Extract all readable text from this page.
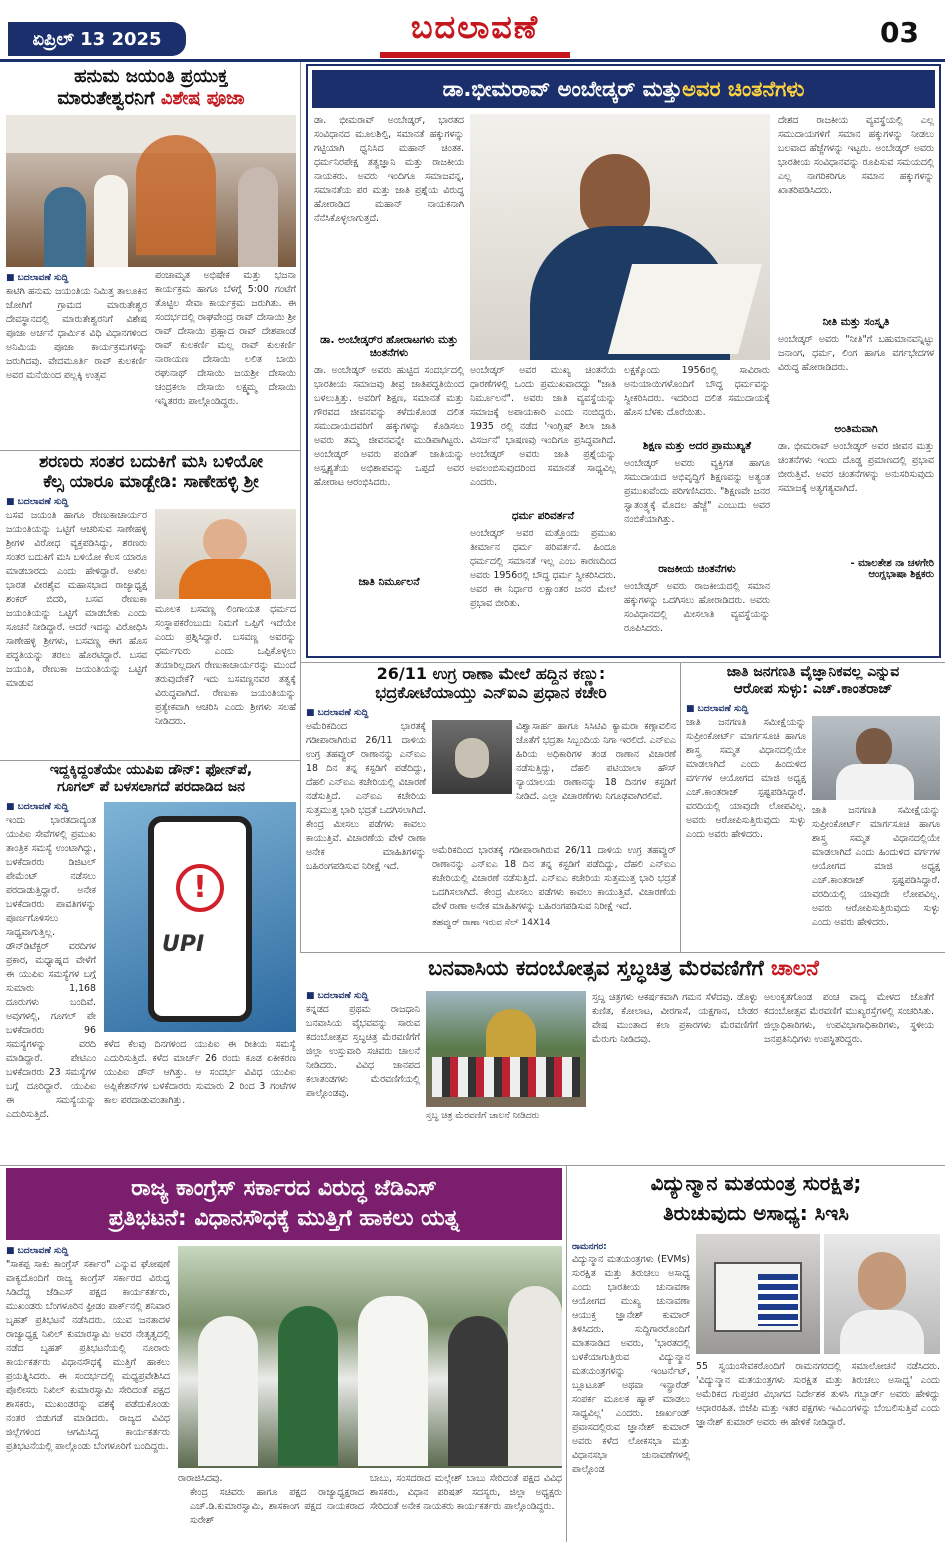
ಏಪ್ರಿಲ್ 13 2025	ಬದಲಾವಣೆ	03
ಹನುಮ ಜಯಂತಿ ಪ್ರಯುಕ್ತ
ಮಾರುತೇಶ್ವರನಿಗೆ ವಿಶೇಷ ಪೂಜಾ
■ ಬದಲಾವಣೆ ಸುದ್ದಿ
ಕಾಟಿಗಿ ಹನುಮ ಜಯಂತಿಯ ನಿಮಿತ್ತ ತಾಲೂಕಿನ ಜೋಗಿಗೆ ಗ್ರಾಮದ ಮಾರುತೇಶ್ವರ ದೇವಸ್ಥಾನದಲ್ಲಿ ಮಾರುತೇಶ್ವರನಿಗೆ ವಿಶೇಷ ಪೂಜಾ ಅರ್ಚನೆ ಧಾರ್ಮಿಕ ವಿಧಿ ವಿಧಾನಗಳಿಂದ ಅನಿಮಿಯ ಪೂಜಾ ಕಾರ್ಯಕ್ರಮಗಳನ್ನು ಜರುಗಿದವು. ವೇದಮೂರ್ತಿ ರಾವ್ ಕುಲಕರ್ಣಿ ಅವರ ಮನೆಯಿಂದ ಪಲ್ಲಕ್ಕಿ ಉತ್ಸವ
ಪಂಚಾಮೃತ ಅಭಿಷೇಕ ಮತ್ತು ಭಜನಾ ಕಾರ್ಯಕ್ರಮ ಹಾಗೂ ಬೆಳಗ್ಗೆ 5:00 ಗಂಟೆಗೆ ತೊಟ್ಟಿಲ ಸೇವಾ ಕಾರ್ಯಕ್ರಮ ಜರುಗಿತು. ಈ ಸಂದರ್ಭದಲ್ಲಿ ರಾಘವೇಂದ್ರ ರಾವ್ ದೇಸಾಯಿ ಶ್ರೀ ರಾವ್ ದೇಸಾಯಿ ಪ್ರಹ್ಲಾದ ರಾವ್ ದೇಶಪಾಂಡೆ ರಾವ್ ಕುಲಕರ್ಣಿ ಮಲ್ಲ ರಾವ್ ಕುಲಕರ್ಣಿ ನಾರಾಯಣ ದೇಸಾಯಿ ಲಲಿತ ಬಾಯಿ ರಘುನಾಥ್ ದೇಸಾಯಿ ಜಯಶ್ರೀ ದೇಸಾಯಿ ಚಂದ್ರಕಲಾ ದೇಸಾಯಿ ಲಕ್ಷ್ಮಮ್ಮ ದೇಸಾಯಿ ಇನ್ನಿತರರು ಪಾಲ್ಗೊಂಡಿದ್ದರು.
ಶರಣರು ಸಂತರ ಬದುಕಿಗೆ ಮಸಿ ಬಳಿಯೋ
ಕೆಲ್ಸ ಯಾರೂ ಮಾಡ್ಬೇಡಿ: ಸಾಣೇಹಳ್ಳಿ ಶ್ರೀ
■ ಬದಲಾವಣೆ ಸುದ್ದಿ
ಬಸವ ಜಯಂತಿ ಹಾಗೂ ರೇಣುಕಾಚಾರ್ಯರ ಜಯಂತಿಯನ್ನು ಒಟ್ಟಿಗೆ ಆಚರಿಸುವ ಸಾಣೇಹಳ್ಳಿ ಶ್ರೀಗಳ ವಿರೋಧ ವ್ಯಕ್ತಪಡಿಸಿದ್ದು, ಶರಣರು ಸಂತರ ಬದುಕಿಗೆ ಮಸಿ ಬಳಿಯೋ ಕೆಲಸ ಯಾರೂ ಮಾಡಬಾರದು ಎಂದು ಹೇಳಿದ್ದಾರೆ. ಅಖಿಲ ಭಾರತ ವೀರಶೈವ ಮಹಾಸಭಾದ ರಾಜ್ಯಾಧ್ಯಕ್ಷ ಶಂಕರ್ ಬಿದರಿ, ಬಸವ ರೇಣುಕಾ ಜಯಂತಿಯನ್ನು ಒಟ್ಟಿಗೆ ಮಾಡಬೇಕು ಎಂದು ಸೂಚನೆ ನೀಡಿದ್ದಾರೆ. ಆದರೆ ಇದನ್ನು ವಿರೋಧಿಸಿ ಸಾಣೇಹಳ್ಳಿ ಶ್ರೀಗಳು, ಬಸವಣ್ಣ ಈಗ ಹೊಸ ಪದ್ಧತಿಯನ್ನು ತರಲು ಹೊರಟಿದ್ದಾರೆ. ಬಸವ ಜಯಂತಿ, ರೇಣುಕಾ ಜಯಂತಿಯನ್ನು ಒಟ್ಟಿಗೆ ಮಾಡುವ
ಮೂಲಕ ಬಸವಣ್ಣ ಲಿಂಗಾಯತ ಧರ್ಮದ ಸಂಸ್ಥಾಪಕರೆಂಬುದು ನಿಮಗೆ ಒಪ್ಪಿಗೆ ಇದೆಯೇ ಎಂದು ಪ್ರಶ್ನಿಸಿದ್ದಾರೆ. ಬಸವಣ್ಣ ಅವರನ್ನು ಧರ್ಮಗುರು ಎಂದು ಒಪ್ಪಿಕೊಳ್ಳಲು ತಯಾರಿಲ್ಲದಾಗ ರೇಣುಕಾಚಾರ್ಯರನ್ನು ಮುಂದೆ ತರುವುದೇಕೆ? ಇದು ಬಸವಣ್ಣನವರ ತತ್ವಕ್ಕೆ ವಿರುದ್ಧವಾಗಿದೆ. ರೇಣುಕಾ ಜಯಂತಿಯನ್ನು ಪ್ರತ್ಯೇಕವಾಗಿ ಆಚರಿಸಿ ಎಂದು ಶ್ರೀಗಳು ಸಲಹೆ ನೀಡಿದರು.
ಇದ್ದಕ್ಕಿದ್ದಂತೆಯೇ ಯುಪಿಐ ಡೌನ್: ಫೋನ್‌ಪೆ,
ಗೂಗಲ್ ಪೆ ಬಳಸಲಾಗದೆ ಪರದಾಡಿದ ಜನ
■ ಬದಲಾವಣೆ ಸುದ್ದಿ
ಇಂದು ಭಾರತದಾದ್ಯಂತ ಯುಪಿಐ ಸೇವೆಗಳಲ್ಲಿ ಪ್ರಮುಖ ತಾಂತ್ರಿಕ ಸಮಸ್ಯೆ ಉಂಟಾಗಿದ್ದು, ಬಳಕೆದಾರರು ಡಿಜಿಟಲ್ ಪೇಮೆಂಟ್ ನಡೆಸಲು ಪರದಾಡುತ್ತಿದ್ದಾರೆ. ಅನೇಕ ಬಳಕೆದಾರರು ಪಾವತಿಗಳನ್ನು ಪೂರ್ಣಗೊಳಿಸಲು ಸಾಧ್ಯವಾಗುತ್ತಿಲ್ಲ. ಡೌನ್‌ಡಿಟೆಕ್ಟರ್ ವರದಿಗಳ ಪ್ರಕಾರ, ಮಧ್ಯಾಹ್ನದ ವೇಳೆಗೆ ಈ ಯುಪಿಐ ಸಮಸ್ಯೆಗಳ ಬಗ್ಗೆ ಸುಮಾರು 1,168 ದೂರುಗಳು ಬಂದಿವೆ. ಅವುಗಳಲ್ಲಿ, ಗೂಗಲ್ ಪೇ ಬಳಕೆದಾರರು 96 ಸಮಸ್ಯೆಗಳನ್ನು ವರದಿ ಮಾಡಿದ್ದಾರೆ. ಪೇಟಿಎಂ ಬಳಕೆದಾರರು 23 ಸಮಸ್ಯೆಗಳ ಬಗ್ಗೆ ದೂರಿದ್ದಾರೆ. ಯುಪಿಐ ಈ ಸಮಸ್ಯೆಯನ್ನು ಎದುರಿಸುತ್ತಿದೆ.
!
UPI
ಕಳೆದ ಕೆಲವು ದಿನಗಳಿಂದ ಯುಪಿಐ ಈ ರೀತಿಯ ಸಮಸ್ಯೆ ಎದುರಿಸುತ್ತಿದೆ. ಕಳೆದ ಮಾರ್ಚ್ 26 ರಂದು ಕೂಡ ಏಕೀಕರಣ ಯುಪಿಐ ಡೌನ್ ಆಗಿತ್ತು. ಆ ಸಂದರ್ಭ ವಿವಿಧ ಯುಪಿಐ ಅಪ್ಲಿಕೇಶನ್‌ಗಳ ಬಳಕೆದಾರರು ಸುಮಾರು 2 ರಿಂದ 3 ಗಂಟೆಗಳ ಕಾಲ ಪರದಾಡುವಂತಾಗಿತ್ತು.
ಡಾ.ಭೀಮರಾವ್ ಅಂಬೇಡ್ಕರ್ ಮತ್ತು ಅವರ ಚಿಂತನೆಗಳು
ಡಾ. ಭೀಮರಾವ್ ಅಂಬೇಡ್ಕರ್, ಭಾರತದ ಸಂವಿಧಾನದ ಮೂಲಶಿಲ್ಪಿ, ಸಮಾನತೆ ಹಕ್ಕುಗಳನ್ನು ಗಟ್ಟಿಯಾಗಿ ಧ್ವನಿಸಿದ ಮಹಾನ್ ಚಿಂತಕ. ಧರ್ಮನಿರಪೇಕ್ಷ ತತ್ವಜ್ಞಾನಿ ಮತ್ತು ರಾಜಕೀಯ ನಾಯಕರು. ಅವರು ಇಂದಿಗೂ ಸಮಾಜವನ್ನ, ಸಮಾನತೆಯ ಪರ ಮತ್ತು ಜಾತಿ ಪ್ರಶ್ನೆಯ ವಿರುದ್ಧ ಹೋರಾಡಿದ ಮಹಾನ್ ನಾಯಕನಾಗಿ ನೆನೆಸಿಕೊಳ್ಳಲಾಗುತ್ತದೆ.
ಡಾ. ಅಂಬೇಡ್ಕರ್‌ರ ಹೋರಾಟಗಳು ಮತ್ತು ಚಿಂತನೆಗಳು
ಡಾ. ಅಂಬೇಡ್ಕರ್ ಅವರು ಹುಟ್ಟಿದ ಸಂದರ್ಭದಲ್ಲಿ ಭಾರತೀಯ ಸಮಾಜವು ತೀವ್ರ ಜಾತಿಪದ್ಧತಿಯಿಂದ ಬಳಲುತ್ತಿತ್ತು. ಅವರಿಗೆ ಶಿಕ್ಷಣ, ಸಮಾನತೆ ಮತ್ತು ಗೌರವದ ಜೀವನವನ್ನು ಕಳೆದುಕೊಂಡ ದಲಿತ ಸಮುದಾಯದವರಿಗೆ ಹಕ್ಕುಗಳನ್ನು ಕೊಡಿಸಲು ಅವರು ತಮ್ಮ ಜೀವನವನ್ನೇ ಮುಡಿಪಾಗಿಟ್ಟರು. ಅಂಬೇಡ್ಕರ್ ಅವರು ಪಂಡಿತ್ ಜಾತಿಯನ್ನು ಅಸ್ಪೃಶ್ಯತೆಯ ಅಭಿಶಾಪವನ್ನು ಒಪ್ಪದೆ ಅವರ ಹೋರಾಟ ಆರಂಭಿಸಿದರು.
ಜಾತಿ ನಿರ್ಮೂಲನೆ
ಅಂಬೇಡ್ಕರ್ ಅವರ ಮುಖ್ಯ ಚಿಂತನೆಯ ಧಾರಣೆಗಳಲ್ಲಿ ಒಂದು ಪ್ರಮುಖವಾದದ್ದು "ಜಾತಿ ನಿರ್ಮೂಲನೆ". ಅವರು ಜಾತಿ ವ್ಯವಸ್ಥೆಯನ್ನು ಸಮಾಜಕ್ಕೆ ಅಪಾಯಕಾರಿ ಎಂದು ನಂಬಿದ್ದರು. 1935 ರಲ್ಲಿ ನಡೆದ 'ಇಂಗ್ಲಿಷ್ ಶಿಲಾ ಜಾತಿ ವಿಸರ್ಜನೆ' ಭಾಷಣವು ಇಂದಿಗೂ ಪ್ರಸಿದ್ಧವಾಗಿದೆ. ಅಂಬೇಡ್ಕರ್ ಅವರು ಜಾತಿ ಪ್ರಶ್ನೆಯನ್ನು ಅವಲಂಬಿಸುವುದರಿಂದ ಸಮಾನತೆ ಸಾಧ್ಯವಿಲ್ಲ ಎಂದರು.
ಧರ್ಮ ಪರಿವರ್ತನೆ
ಅಂಬೇಡ್ಕರ್ ಅವರ ಮತ್ತೊಂದು ಪ್ರಮುಖ ತೀರ್ಮಾನ ಧರ್ಮ ಪರಿವರ್ತನೆ. ಹಿಂದೂ ಧರ್ಮದಲ್ಲಿ ಸಮಾನತೆ ಇಲ್ಲ ಎಂಬ ಕಾರಣದಿಂದ ಅವರು 1956ರಲ್ಲಿ ಬೌದ್ಧ ಧರ್ಮ ಸ್ವೀಕರಿಸಿದರು. ಅವರ ಈ ನಿರ್ಧಾರ ಲಕ್ಷಾಂತರ ಜನರ ಮೇಲೆ ಪ್ರಭಾವ ಬೀರಿತು.
ಲಕ್ಷಕ್ಕೊಂದು 1956ರಲ್ಲಿ ಸಾವಿರಾರು ಅನುಯಾಯಿಗಳೊಂದಿಗೆ ಬೌದ್ಧ ಧರ್ಮವನ್ನು ಸ್ವೀಕರಿಸಿದರು. ಇದರಿಂದ ದಲಿತ ಸಮುದಾಯಕ್ಕೆ ಹೊಸ ಬೆಳಕು ದೊರೆಯಿತು.
ಶಿಕ್ಷಣ ಮತ್ತು ಅದರ ಪ್ರಾಮುಖ್ಯತೆ
ಅಂಬೇಡ್ಕರ್ ಅವರು ವ್ಯಕ್ತಿಗತ ಹಾಗೂ ಸಮುದಾಯದ ಅಭಿವೃದ್ಧಿಗೆ ಶಿಕ್ಷಣವನ್ನು ಅತ್ಯಂತ ಪ್ರಮುಖವೆಂದು ಪರಿಗಣಿಸಿದರು. "ಶಿಕ್ಷಣವೇ ಜನರ ಸ್ವಾತಂತ್ರ್ಯಕ್ಕೆ ಮೊದಲ ಹೆಜ್ಜೆ" ಎಂಬುದು ಅವರ ನಂಬಿಕೆಯಾಗಿತ್ತು.
ರಾಜಕೀಯ ಚಿಂತನೆಗಳು
ಅಂಬೇಡ್ಕರ್ ಅವರು ರಾಜಕೀಯದಲ್ಲಿ ಸಮಾನ ಹಕ್ಕುಗಳನ್ನು ಒದಗಿಸಲು ಹೋರಾಡಿದರು. ಅವರು ಸಂವಿಧಾನದಲ್ಲಿ ಮೀಸಲಾತಿ ವ್ಯವಸ್ಥೆಯನ್ನು ರೂಪಿಸಿದರು.
ದೇಶದ ರಾಜಕೀಯ ವ್ಯವಸ್ಥೆಯಲ್ಲಿ ಎಲ್ಲ ಸಮುದಾಯಗಳಿಗೆ ಸಮಾನ ಹಕ್ಕುಗಳನ್ನು ನೀಡಲು ಬಲವಾದ ಹೆಜ್ಜೆಗಳನ್ನು ಇಟ್ಟರು. ಅಂಬೇಡ್ಕರ್ ಅವರು ಭಾರತೀಯ ಸಂವಿಧಾನವನ್ನು ರೂಪಿಸುವ ಸಮಯದಲ್ಲಿ ಎಲ್ಲ ನಾಗರಿಕರಿಗೂ ಸಮಾನ ಹಕ್ಕುಗಳನ್ನು ಖಾತರಿಪಡಿಸಿದರು.
ನೀತಿ ಮತ್ತು ಸಂಸ್ಕೃತಿ
ಅಂಬೇಡ್ಕರ್ ಅವರು "ನೀತಿ"ಗೆ ಬಹುಮಾನವನ್ನಿಟ್ಟು ಜನಾಂಗ, ಧರ್ಮ, ಲಿಂಗ ಹಾಗೂ ವರ್ಗಭೇದಗಳ ವಿರುದ್ಧ ಹೋರಾಡಿದರು.
ಅಂತಿಮವಾಗಿ
ಡಾ. ಭೀಮರಾವ್ ಅಂಬೇಡ್ಕರ್ ಅವರ ಜೀವನ ಮತ್ತು ಚಿಂತನೆಗಳು ಇಂದು ದೊಡ್ಡ ಪ್ರಮಾಣದಲ್ಲಿ ಪ್ರಭಾವ ಬೀರುತ್ತಿವೆ. ಅವರ ಚಿಂತನೆಗಳನ್ನು ಅನುಸರಿಸುವುದು ಸಮಾಜಕ್ಕೆ ಅತ್ಯಗತ್ಯವಾಗಿದೆ.
- ಮಾಲತೇಶ ನಾ ಚಳಗೇರಿ
ಆಂಗ್ಲಭಾಷಾ ಶಿಕ್ಷಕರು
26/11 ಉಗ್ರ ರಾಣಾ ಮೇಲೆ ಹದ್ದಿನ ಕಣ್ಣು:
ಭದ್ರಕೋಟೆಯಾಯ್ತು ಎನ್‌ಐಎ ಪ್ರಧಾನ ಕಚೇರಿ
■ ಬದಲಾವಣೆ ಸುದ್ದಿ
ಅಮೆರಿಕದಿಂದ ಭಾರತಕ್ಕೆ ಗಡೀಪಾರಾಗಿರುವ 26/11 ದಾಳಿಯ ಉಗ್ರ ತಹವ್ವುರ್ ರಾಣಾನನ್ನು ಎನ್‌ಐಎ 18 ದಿನ ತನ್ನ ಕಸ್ಟಡಿಗೆ ಪಡೆದಿದ್ದು, ದೆಹಲಿ ಎನ್‌ಐಎ ಕಚೇರಿಯಲ್ಲಿ ವಿಚಾರಣೆ ನಡೆಸುತ್ತಿದೆ. ಎನ್‌ಐಎ ಕಚೇರಿಯ ಸುತ್ತಮುತ್ತ ಭಾರಿ ಭದ್ರತೆ ಒದಗಿಸಲಾಗಿದೆ. ಕೇಂದ್ರ ಮೀಸಲು ಪಡೆಗಳು ಕಾವಲು ಕಾಯುತ್ತಿವೆ. ವಿಚಾರಣೆಯ ವೇಳೆ ರಾಣಾ ಅನೇಕ ಮಾಹಿತಿಗಳನ್ನು ಬಹಿರಂಗಪಡಿಸುವ ನಿರೀಕ್ಷೆ ಇದೆ.
ವಿಶ್ವಾಸಾರ್ಹ ಹಾಗೂ ಸಿಸಿಟಿವಿ ಕ್ಯಾಮರಾ ಕಣ್ಗಾವಲಿನ ಜೊತೆಗೆ ಭದ್ರತಾ ಸಿಬ್ಬಂದಿಯ ನಿಗಾ ಇರಲಿದೆ. ಎನ್‌ಐಎ ಹಿರಿಯ ಅಧಿಕಾರಿಗಳ ತಂಡ ರಾಣಾನ ವಿಚಾರಣೆ ನಡೆಸುತ್ತಿದ್ದು, ದೆಹಲಿ ಪಟಿಯಾಲಾ ಹೌಸ್ ನ್ಯಾಯಾಲಯ ರಾಣಾನನ್ನು 18 ದಿನಗಳ ಕಸ್ಟಡಿಗೆ ನೀಡಿದೆ. ಎಲ್ಲಾ ವಿಚಾರಣೆಗಳು ನಿಗೂಢವಾಗಿರಲಿವೆ.
ಅಮೆರಿಕದಿಂದ ಭಾರತಕ್ಕೆ ಗಡೀಪಾರಾಗಿರುವ 26/11 ದಾಳಿಯ ಉಗ್ರ ತಹವ್ವುರ್ ರಾಣಾನನ್ನು ಎನ್‌ಐಎ 18 ದಿನ ತನ್ನ ಕಸ್ಟಡಿಗೆ ಪಡೆದಿದ್ದು, ದೆಹಲಿ ಎನ್‌ಐಎ ಕಚೇರಿಯಲ್ಲಿ ವಿಚಾರಣೆ ನಡೆಸುತ್ತಿದೆ. ಎನ್‌ಐಎ ಕಚೇರಿಯ ಸುತ್ತಮುತ್ತ ಭಾರಿ ಭದ್ರತೆ ಒದಗಿಸಲಾಗಿದೆ. ಕೇಂದ್ರ ಮೀಸಲು ಪಡೆಗಳು ಕಾವಲು ಕಾಯುತ್ತಿವೆ. ವಿಚಾರಣೆಯ ವೇಳೆ ರಾಣಾ ಅನೇಕ ಮಾಹಿತಿಗಳನ್ನು ಬಹಿರಂಗಪಡಿಸುವ ನಿರೀಕ್ಷೆ ಇದೆ.
ತಹವ್ವುರ್ ರಾಣಾ ಇರುವ ಸೆಲ್ 14X14
ಜಾತಿ ಜನಗಣತಿ ವೈಜ್ಞಾನಿಕವಲ್ಲ ಎನ್ನುವ
ಆರೋಪ ಸುಳ್ಳು: ಎಚ್.ಕಾಂತರಾಜ್
■ ಬದಲಾವಣೆ ಸುದ್ದಿ
ಜಾತಿ ಜನಗಣತಿ ಸಮೀಕ್ಷೆಯನ್ನು ಸುಪ್ರೀಂಕೋರ್ಟ್ ಮಾರ್ಗಸೂಚಿ ಹಾಗೂ ಶಾಸ್ತ್ರ ಸಮ್ಮತ ವಿಧಾನದಲ್ಲಿಯೇ ಮಾಡಲಾಗಿದೆ ಎಂದು ಹಿಂದುಳಿದ ವರ್ಗಗಳ ಆಯೋಗದ ಮಾಜಿ ಅಧ್ಯಕ್ಷ ಎಚ್.ಕಾಂತರಾಜ್ ಸ್ಪಷ್ಟಪಡಿಸಿದ್ದಾರೆ. ವರದಿಯಲ್ಲಿ ಯಾವುದೇ ಲೋಪವಿಲ್ಲ. ಅವರು ಆರೋಪಿಸುತ್ತಿರುವುದು ಸುಳ್ಳು ಎಂದು ಅವರು ಹೇಳಿದರು.
ಜಾತಿ ಜನಗಣತಿ ಸಮೀಕ್ಷೆಯನ್ನು ಸುಪ್ರೀಂಕೋರ್ಟ್ ಮಾರ್ಗಸೂಚಿ ಹಾಗೂ ಶಾಸ್ತ್ರ ಸಮ್ಮತ ವಿಧಾನದಲ್ಲಿಯೇ ಮಾಡಲಾಗಿದೆ ಎಂದು ಹಿಂದುಳಿದ ವರ್ಗಗಳ ಆಯೋಗದ ಮಾಜಿ ಅಧ್ಯಕ್ಷ ಎಚ್.ಕಾಂತರಾಜ್ ಸ್ಪಷ್ಟಪಡಿಸಿದ್ದಾರೆ. ವರದಿಯಲ್ಲಿ ಯಾವುದೇ ಲೋಪವಿಲ್ಲ. ಅವರು ಆರೋಪಿಸುತ್ತಿರುವುದು ಸುಳ್ಳು ಎಂದು ಅವರು ಹೇಳಿದರು.
ಬನವಾಸಿಯ ಕದಂಬೋತ್ಸವ ಸ್ತಬ್ಧಚಿತ್ರ ಮೆರವಣಿಗೆಗೆ ಚಾಲನೆ
■ ಬದಲಾವಣೆ ಸುದ್ದಿ
ಕನ್ನಡದ ಪ್ರಥಮ ರಾಜಧಾನಿ ಬನವಾಸಿಯ ವೈಭವವನ್ನು ಸಾರುವ ಕದಂಬೋತ್ಸವ ಸ್ತಬ್ಧಚಿತ್ರ ಮೆರವಣಿಗೆಗೆ ಜಿಲ್ಲಾ ಉಸ್ತುವಾರಿ ಸಚಿವರು ಚಾಲನೆ ನೀಡಿದರು. ವಿವಿಧ ಜಾನಪದ ಕಲಾತಂಡಗಳು ಮೆರವಣಿಗೆಯಲ್ಲಿ ಪಾಲ್ಗೊಂಡವು.
ಸ್ತಬ್ಧ ಚಿತ್ರ ಮೆರವಣಿಗೆ ಚಾಲನೆ ನೀಡಿದರು
ಸ್ತಬ್ಧ ಚಿತ್ರಗಳು ಆಕರ್ಷಕವಾಗಿ ಗಮನ ಸೆಳೆದವು. ಡೊಳ್ಳು ಕುಣಿತ, ಕೋಲಾಟ, ವೀರಗಾಸೆ, ಯಕ್ಷಗಾನ, ಬೇಡರ ವೇಷ ಮುಂತಾದ ಕಲಾ ಪ್ರಕಾರಗಳು ಮೆರವಣಿಗೆಗೆ ಮೆರುಗು ನೀಡಿದವು.
ಅಲಂಕೃತಗೊಂಡ ಪಂಚ ವಾದ್ಯ ಮೇಳದ ಜೊತೆಗೆ ಕದಂಬೋತ್ಸವ ಮೆರವಣಿಗೆ ಮುಖ್ಯರಸ್ತೆಗಳಲ್ಲಿ ಸಂಚರಿಸಿತು. ಜಿಲ್ಲಾಧಿಕಾರಿಗಳು, ಉಪವಿಭಾಗಾಧಿಕಾರಿಗಳು, ಸ್ಥಳೀಯ ಜನಪ್ರತಿನಿಧಿಗಳು ಉಪಸ್ಥಿತರಿದ್ದರು.
ರಾಜ್ಯ ಕಾಂಗ್ರೆಸ್ ಸರ್ಕಾರದ ವಿರುದ್ಧ ಜೆಡಿಎಸ್
ಪ್ರತಿಭಟನೆ: ವಿಧಾನಸೌಧಕ್ಕೆ ಮುತ್ತಿಗೆ ಹಾಕಲು ಯತ್ನ
■ ಬದಲಾವಣೆ ಸುದ್ದಿ
"ಸಾಕಪ್ಪ ಸಾಕು ಕಾಂಗ್ರೆಸ್ ಸರ್ಕಾರ" ಎನ್ನುವ ಘೋಷಣೆ ವಾಕ್ಯದೊಂದಿಗೆ ರಾಜ್ಯ ಕಾಂಗ್ರೆಸ್ ಸರ್ಕಾರದ ವಿರುದ್ಧ ಸಿಡಿದೆದ್ದ ಜೆಡಿಎಸ್ ಪಕ್ಷದ ಕಾರ್ಯಕರ್ತರು, ಮುಖಂಡರು ಬೆಂಗಳೂರಿನ ಫ್ರೀಡಂ ಪಾರ್ಕ್‌ನಲ್ಲಿ ಶನಿವಾರ ಬೃಹತ್ ಪ್ರತಿಭಟನೆ ನಡೆಸಿದರು. ಯುವ ಜನತಾದಳ ರಾಜ್ಯಾಧ್ಯಕ್ಷ ನಿಖಿಲ್ ಕುಮಾರಸ್ವಾಮಿ ಅವರ ನೇತೃತ್ವದಲ್ಲಿ ನಡೆದ ಬೃಹತ್ ಪ್ರತಿಭಟನೆಯಲ್ಲಿ ನೂರಾರು ಕಾರ್ಯಕರ್ತರು ವಿಧಾನಸೌಧಕ್ಕೆ ಮುತ್ತಿಗೆ ಹಾಕಲು ಪ್ರಯತ್ನಿಸಿದರು. ಈ ಸಂದರ್ಭದಲ್ಲಿ ಮಧ್ಯಪ್ರವೇಶಿಸಿದ ಪೊಲೀಸರು ನಿಖಿಲ್ ಕುಮಾರಸ್ವಾಮಿ ಸೇರಿದಂತೆ ಪಕ್ಷದ ಶಾಸಕರು, ಮುಖಂಡರನ್ನು ವಶಕ್ಕೆ ಪಡೆದುಕೊಂಡು ನಂತರ ಬಿಡುಗಡೆ ಮಾಡಿದರು. ರಾಜ್ಯದ ವಿವಿಧ ಜಿಲ್ಲೆಗಳಿಂದ ಆಗಮಿಸಿದ್ದ ಕಾರ್ಯಕರ್ತರು ಪ್ರತಿಭಟನೆಯಲ್ಲಿ ಪಾಲ್ಗೊಂಡು ಬೆಂಗಳೂರಿಗೆ ಬಂದಿದ್ದರು.
ರಾರಾಜಿಸಿದವು.
ಕೇಂದ್ರ ಸಚಿವರು ಹಾಗೂ ಪಕ್ಷದ ರಾಜ್ಯಾಧ್ಯಕ್ಷರಾದ ಎಚ್.ಡಿ.ಕುಮಾರಸ್ವಾಮಿ, ಶಾಸಕಾಂಗ ಪಕ್ಷದ ನಾಯಕರಾದ ಸುರೇಶ್
ಬಾಬು, ಸಂಸದರಾದ ಮಲ್ಲೇಶ್ ಬಾಬು ಸೇರಿದಂತೆ ಪಕ್ಷದ ವಿವಿಧ ಶಾಸಕರು, ವಿಧಾನ ಪರಿಷತ್ ಸದಸ್ಯರು, ಜಿಲ್ಲಾ ಅಧ್ಯಕ್ಷರು ಸೇರಿದಂತೆ ಅನೇಕ ನಾಯಕರು ಕಾರ್ಯಕರ್ತರು ಪಾಲ್ಗೊಂಡಿದ್ದರು.
ವಿದ್ಯುನ್ಮಾನ ಮತಯಂತ್ರ ಸುರಕ್ಷಿತ;
ತಿರುಚುವುದು ಅಸಾಧ್ಯ: ಸಿಇಸಿ
ರಾಮನಗರ:
ವಿದ್ಯುನ್ಮಾನ ಮತಯಂತ್ರಗಳು (EVMs) ಸುರಕ್ಷಿತ ಮತ್ತು ತಿರುಚಲು ಅಸಾಧ್ಯ ಎಂದು ಭಾರತೀಯ ಚುನಾವಣಾ ಆಯೋಗದ ಮುಖ್ಯ ಚುನಾವಣಾ ಆಯುಕ್ತ ಜ್ಞಾನೇಶ್ ಕುಮಾರ್ ತಿಳಿಸಿದರು. ಸುದ್ದಿಗಾರರೊಂದಿಗೆ ಮಾತನಾಡಿದ ಅವರು, 'ಭಾರತದಲ್ಲಿ ಬಳಕೆಯಾಗುತ್ತಿರುವ ವಿದ್ಯುನ್ಮಾನ ಮತಯಂತ್ರಗಳನ್ನು ಇಂಟರ್ನೆಟ್, ಬ್ಲೂಟೂತ್ ಅಥವಾ ಇನ್ಫ್ರಾರೆಡ್ ಸಂಪರ್ಕ ಮೂಲಕ ಹ್ಯಾಕ್ ಮಾಡಲು ಸಾಧ್ಯವಿಲ್ಲ' ಎಂದರು. ಜಾರ್ಖಂಡ್ ಪ್ರವಾಸದಲ್ಲಿರುವ ಜ್ಞಾನೇಶ್ ಕುಮಾರ್ ಅವರು ಕಳೆದ ಲೋಕಸಭಾ ಮತ್ತು ವಿಧಾನಸಭಾ ಚುನಾವಣೆಗಳಲ್ಲಿ ಪಾಲ್ಗೊಂಡ
55 ಸ್ವಯಂಸೇವಕರೊಂದಿಗೆ ರಾಮನಗರದಲ್ಲಿ ಸಮಾಲೋಚನೆ ನಡೆಸಿದರು. 'ವಿದ್ಯುನ್ಮಾನ ಮತಯಂತ್ರಗಳು ಸುರಕ್ಷಿತ ಮತ್ತು ತಿರುಚಲು ಅಸಾಧ್ಯ' ಎಂದು ಅಮೆರಿಕದ ಗುಪ್ತಚರ ವಿಭಾಗದ ನಿರ್ದೇಶಕ ತುಳಸಿ ಗಬ್ಬಾರ್ಡ್ ಅವರು ಹೇಳಿದ್ದು ಆಧಾರರಹಿತ. ಬಿಜೆಪಿ ಮತ್ತು ಇತರ ಪಕ್ಷಗಳು ಇವಿಎಂಗಳನ್ನು ಬೆಂಬಲಿಸುತ್ತಿವೆ ಎಂದು ಜ್ಞಾನೇಶ್ ಕುಮಾರ್ ಅವರು ಈ ಹೇಳಿಕೆ ನೀಡಿದ್ದಾರೆ.
